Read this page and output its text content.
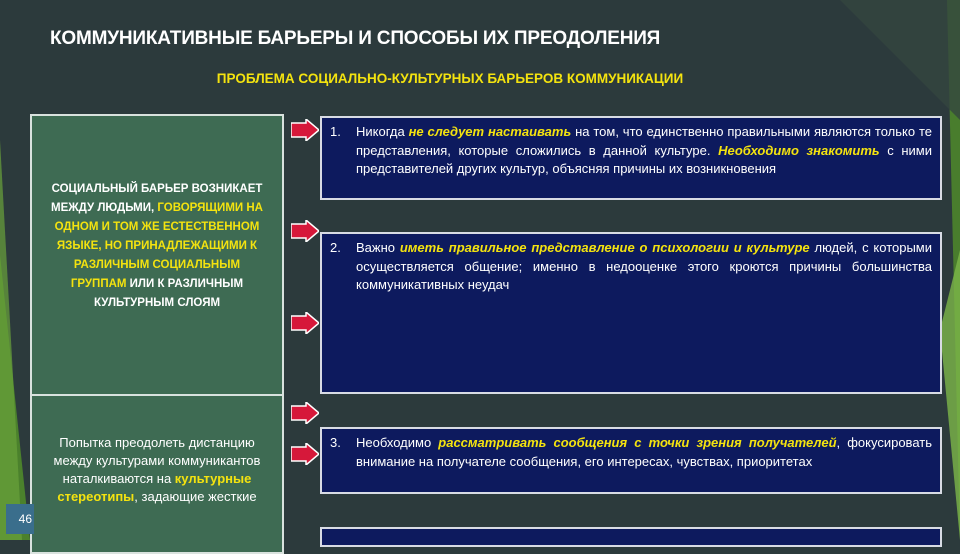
КОММУНИКАТИВНЫЕ БАРЬЕРЫ И СПОСОБЫ ИХ ПРЕОДОЛЕНИЯ
ПРОБЛЕМА СОЦИАЛЬНО-КУЛЬТУРНЫХ БАРЬЕРОВ КОММУНИКАЦИИ
СОЦИАЛЬНЫЙ БАРЬЕР ВОЗНИКАЕТ МЕЖДУ ЛЮДЬМИ, ГОВОРЯЩИМИ НА ОДНОМ И ТОМ ЖЕ ЕСТЕСТВЕННОМ ЯЗЫКЕ, НО ПРИНАДЛЕЖАЩИМИ К РАЗЛИЧНЫМ СОЦИАЛЬНЫМ ГРУППАМ ИЛИ К РАЗЛИЧНЫМ КУЛЬТУРНЫМ СЛОЯМ
Попытка преодолеть дистанцию между культурами коммуникантов наталкиваются на культурные стереотипы, задающие жесткие
1. Никогда не следует настаивать на том, что единственно правильными являются только те представления, которые сложились в данной культуре. Необходимо знакомить с ними представителей других культур, объясняя причины их возникновения
2. Важно иметь правильное представление о психологии и культуре людей, с которыми осуществляется общение; именно в недооценке этого кроются причины большинства коммуникативных неудач
3. Необходимо рассматривать сообщения с точки зрения получателей, фокусировать внимание на получателе сообщения, его интересах, чувствах, приоритетах
46
